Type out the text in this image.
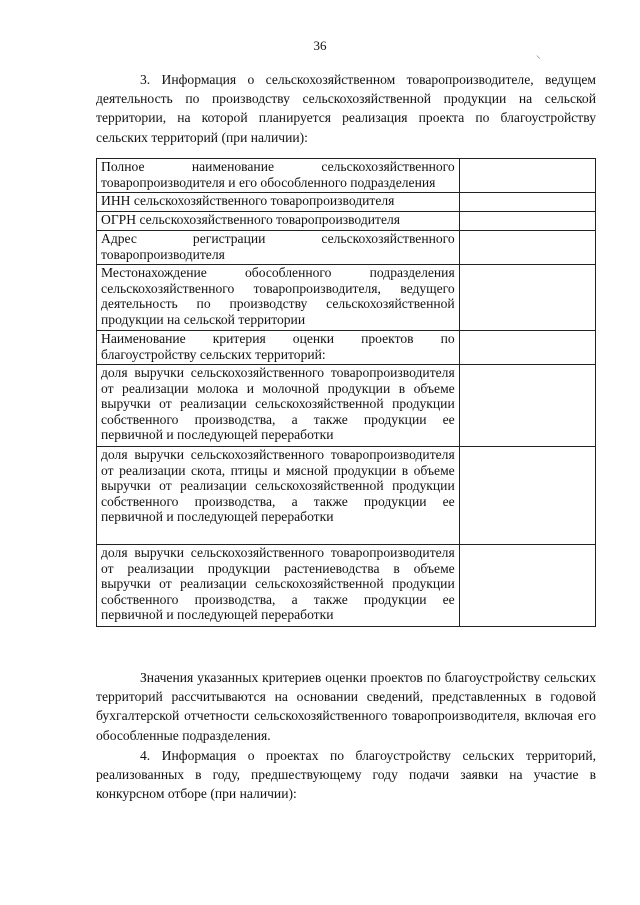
36
⸜

3. Информация о сельскохозяйственном товаропроизводителе, ведущем деятельность по производству сельскохозяйственной продукции на сельской территории, на которой планируется реализация проекта по благоустройству сельских территорий (при наличии):

Полное наименование сельскохозяйственного товаропроизводителя и его обособленного подразделения	
ИНН сельскохозяйственного товаропроизводителя	
ОГРН сельскохозяйственного товаропроизводителя	
Адрес регистрации сельскохозяйственного товаропроизводителя	
Местонахождение обособленного подразделения сельскохозяйственного товаропроизводителя, ведущего деятельность по производству сельскохозяйственной продукции на сельской территории	
Наименование критерия оценки проектов по благоустройству сельских территорий:	
доля выручки сельскохозяйственного товаропроизводителя от реализации молока и молочной продукции в объеме выручки от реализации сельскохозяйственной продукции собственного производства, а также продукции ее первичной и последующей переработки	
доля выручки сельскохозяйственного товаропроизводителя от реализации скота, птицы и мясной продукции в объеме выручки от реализации сельскохозяйственной продукции собственного производства, а также продукции ее первичной и последующей переработки	
доля выручки сельскохозяйственного товаропроизводителя от реализации продукции растениеводства в объеме выручки от реализации сельскохозяйственной продукции собственного производства, а также продукции ее первичной и последующей переработки	

Значения указанных критериев оценки проектов по благоустройству сельских территорий рассчитываются на основании сведений, представленных в годовой бухгалтерской отчетности сельскохозяйственного товаропроизводителя, включая его обособленные подразделения.

4. Информация о проектах по благоустройству сельских территорий, реализованных в году, предшествующему году подачи заявки на участие в конкурсном отборе (при наличии):
